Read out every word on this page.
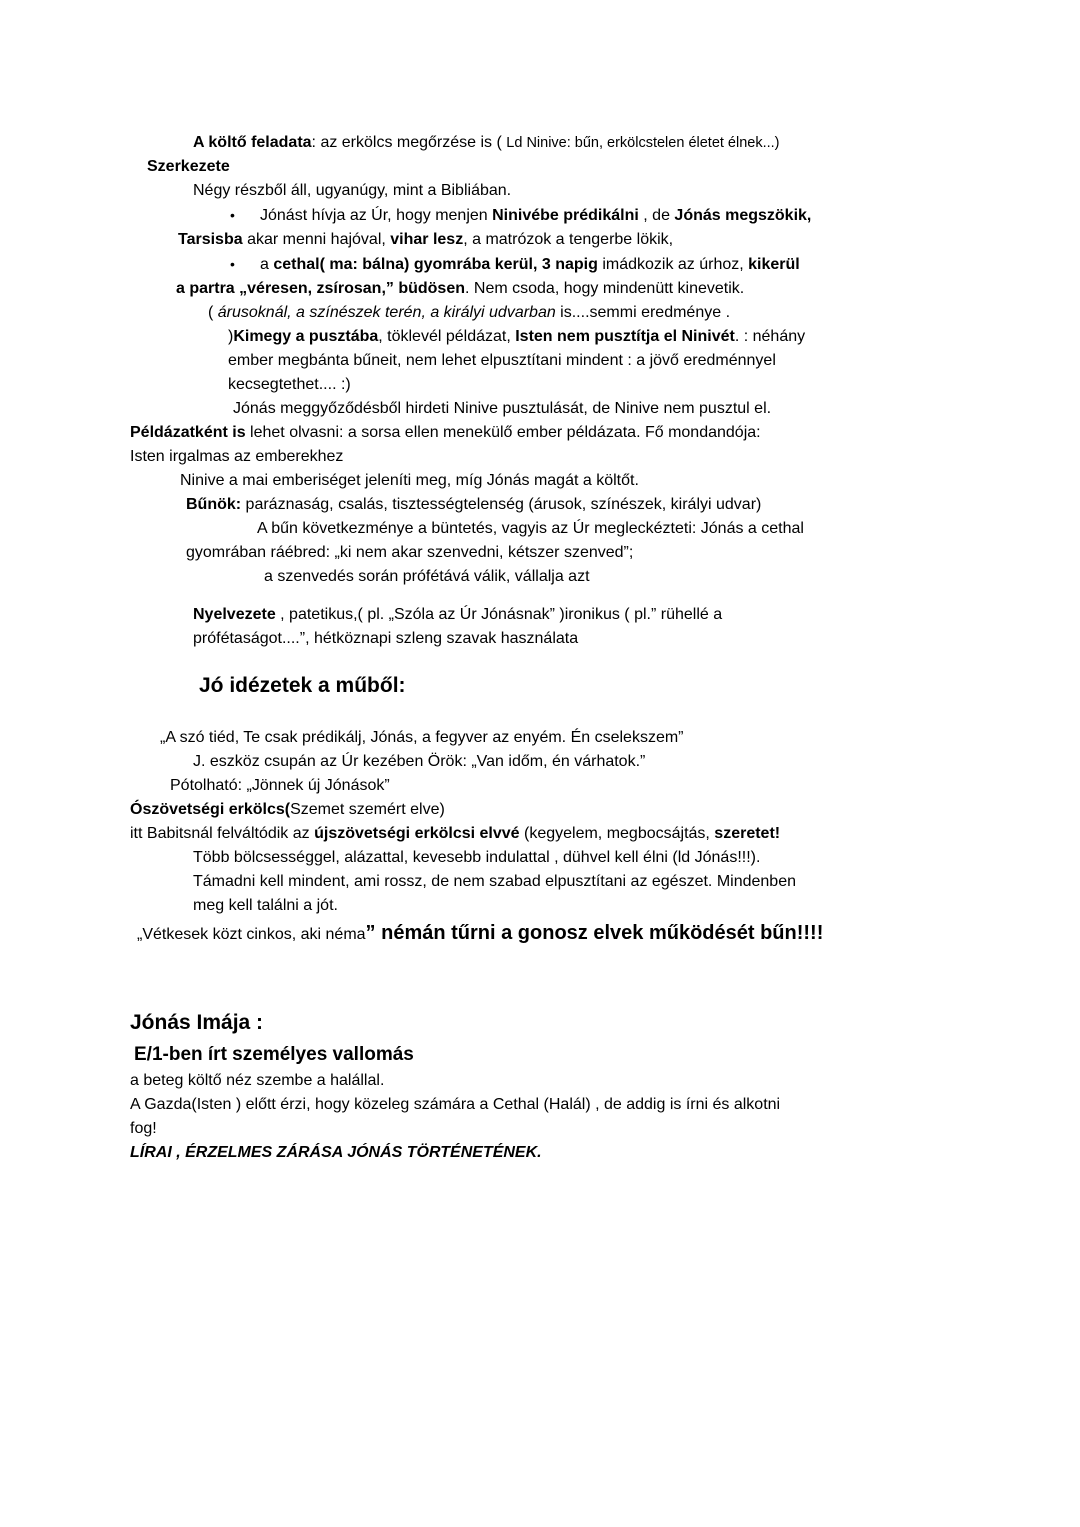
A költő feladata: az erkölcs megőrzése is ( Ld Ninive: bűn, erkölcstelen életet élnek...)
Szerkezete
Négy részből áll, ugyanúgy, mint a Bibliában.
• Jónást hívja az Úr, hogy menjen Ninivébe prédikálni , de Jónás megszökik,
Tarsisba akar menni hajóval, vihar lesz, a matrózok a tengerbe lökik,
• a cethal( ma: bálna) gyomrába kerül, 3 napig imádkozik az úrhoz, kikerül
a partra „véresen, zsírosan,” büdösen. Nem csoda, hogy mindenütt kinevetik.
( árusoknál, a színészek terén, a királyi udvarban is....semmi eredménye .
)Kimegy a pusztába, töklevél példázat, Isten nem pusztítja el Ninivét. : néhány
ember megbánta bűneit, nem lehet elpusztítani mindent : a jövő eredménnyel
kecsegtethet.... :)
Jónás meggyőződésből hirdeti Ninive pusztulását, de Ninive nem pusztul el.
Példázatként is lehet olvasni: a sorsa ellen menekülő ember példázata. Fő mondandója:
Isten irgalmas az emberekhez
Ninive a mai emberiséget jeleníti meg, míg Jónás magát a költőt.
Bűnök: paráznaság, csalás, tisztességtelenség (árusok, színészek, királyi udvar)
A bűn következménye a büntetés, vagyis az Úr megleckézteti: Jónás a cethal
gyomrában ráébred: „ki nem akar szenvedni, kétszer szenved”;
a szenvedés során prófétává válik, vállalja azt
Nyelvezete , patetikus,( pl. „Szóla az Úr Jónásnak” )ironikus ( pl.” rühellé a
prófétaságot....”, hétköznapi szleng szavak használata
Jó idézetek a műből:
„A szó tiéd, Te csak prédikálj, Jónás, a fegyver az enyém. Én cselekszem”
J. eszköz csupán az Úr kezében Örök: „Van időm, én várhatok.”
Pótolható: „Jönnek új Jónások”
Ószövetségi erkölcs(Szemet szemért elve)
itt Babitsnál felváltódik az újszövetségi erkölcsi elvvé (kegyelem, megbocsájtás, szeretet!
Több bölcsességgel, alázattal, kevesebb indulattal , dühvel kell élni (ld Jónás!!!).
Támadni kell mindent, ami rossz, de nem szabad elpusztítani az egészet. Mindenben
meg kell találni a jót.
„Vétkesek közt cinkos, aki néma” némán tűrni a gonosz elvek működését bűn!!!!
Jónás Imája :
E/1-ben írt személyes vallomás
a beteg költő néz szembe a halállal.
A Gazda(Isten ) előtt érzi, hogy közeleg számára a Cethal (Halál) , de addig is írni és alkotni
fog!
LÍRAI , ÉRZELMES ZÁRÁSA JÓNÁS TÖRTÉNETÉNEK.
